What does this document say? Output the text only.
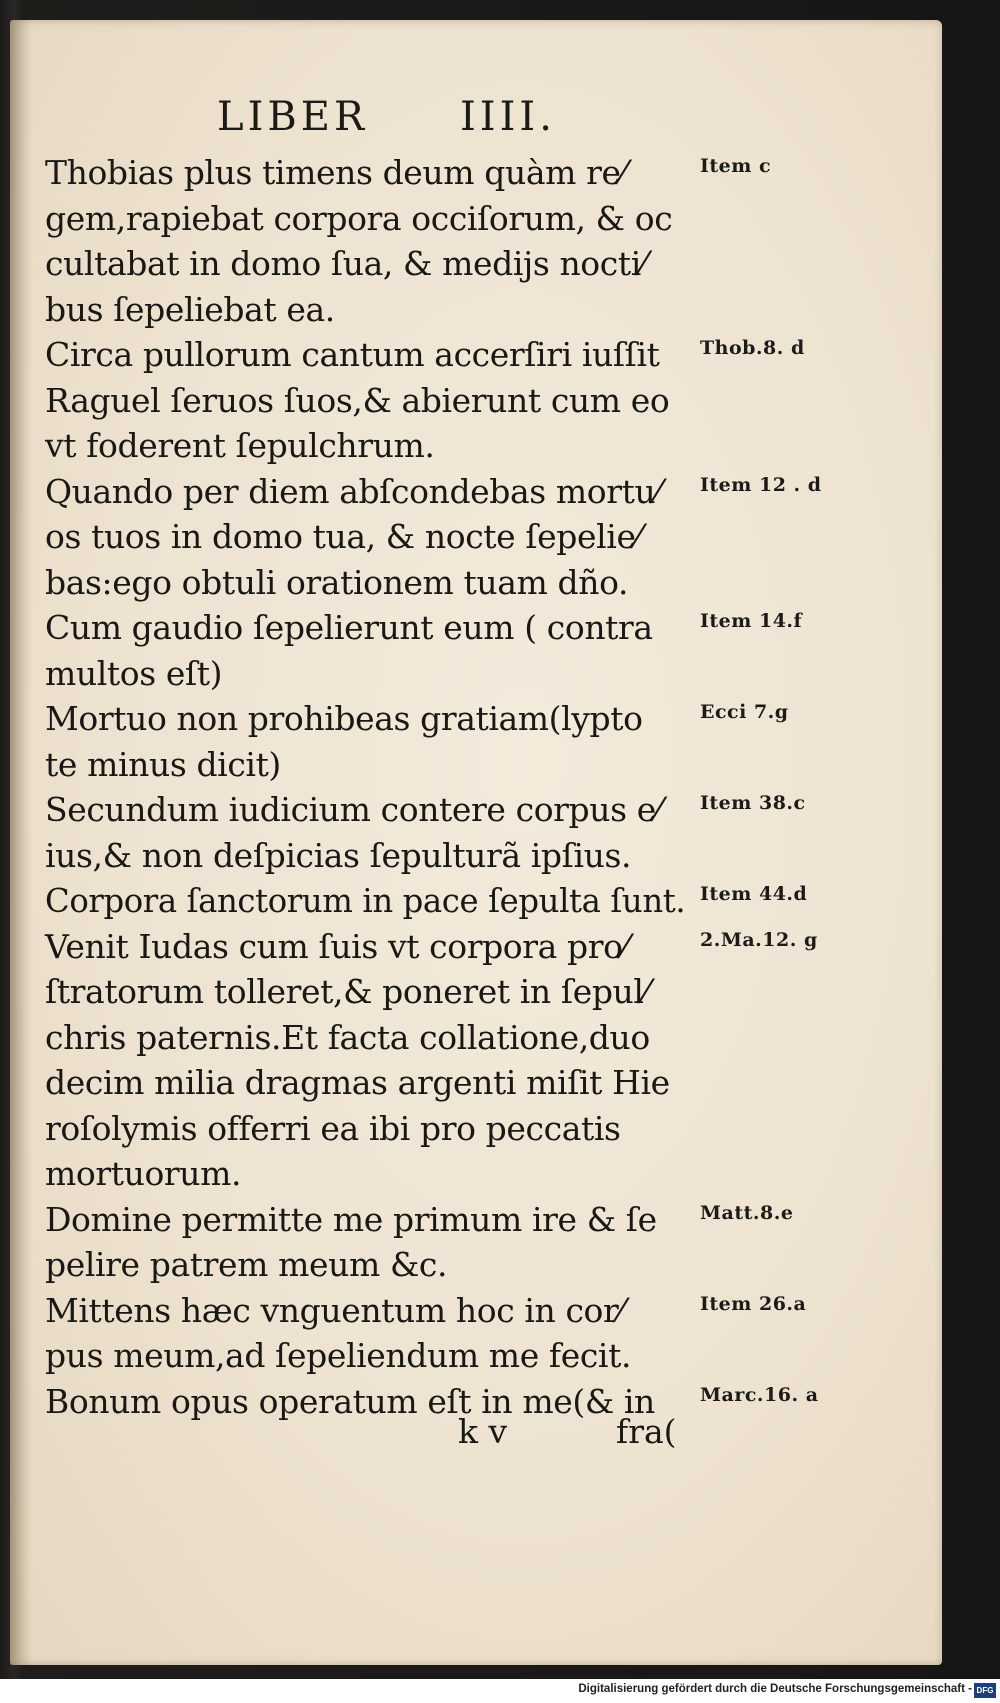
LIBER IIII.
Thobias plus timens deum quàm re⁄	Item c
gem,rapiebat corpora occiſorum, & oc
cultabat in domo ſua, & medijs nocti⁄
bus ſepeliebat ea.
Circa pullorum cantum accerſiri iuſſit Thob.8. d
Raguel ſeruos ſuos,& abierunt cum eo
vt foderent ſepulchrum.
Quando per diem abſcondebas mortu⁄ Item 12 . d
os tuos in domo tua, & nocte ſepelie⁄
bas:ego obtuli orationem tuam dño.
Cum gaudio ſepelierunt eum ( contra Item 14.f
multos eſt)
Mortuo non prohibeas gratiam(lypto	Ecci 7.g
te minus dicit)
Secundum iudicium contere corpus e⁄ Item 38.c
ius,& non deſpicias ſepulturã ipſius.
Corpora ſanctorum in pace ſepulta ſunt. Item 44.d
Venit Iudas cum ſuis vt corpora pro⁄	2.Ma.12. g
ſtratorum tolleret,& poneret in ſepul⁄
chris paternis.Et facta collatione,duo
decim milia dragmas argenti miſit Hie
roſolymis offerri ea ibi pro peccatis
mortuorum.
Domine permitte me primum ire & ſe Matt.8.e
pelire patrem meum &c.
Mittens hæc vnguentum hoc in cor⁄	Item 26.a
pus meum,ad ſepeliendum me fecit.
Bonum opus operatum eſt in me(& in Marc.16. a
k v	fra(
Digitalisierung gefördert durch die Deutsche Forschungsgemeinschaft - DFG
